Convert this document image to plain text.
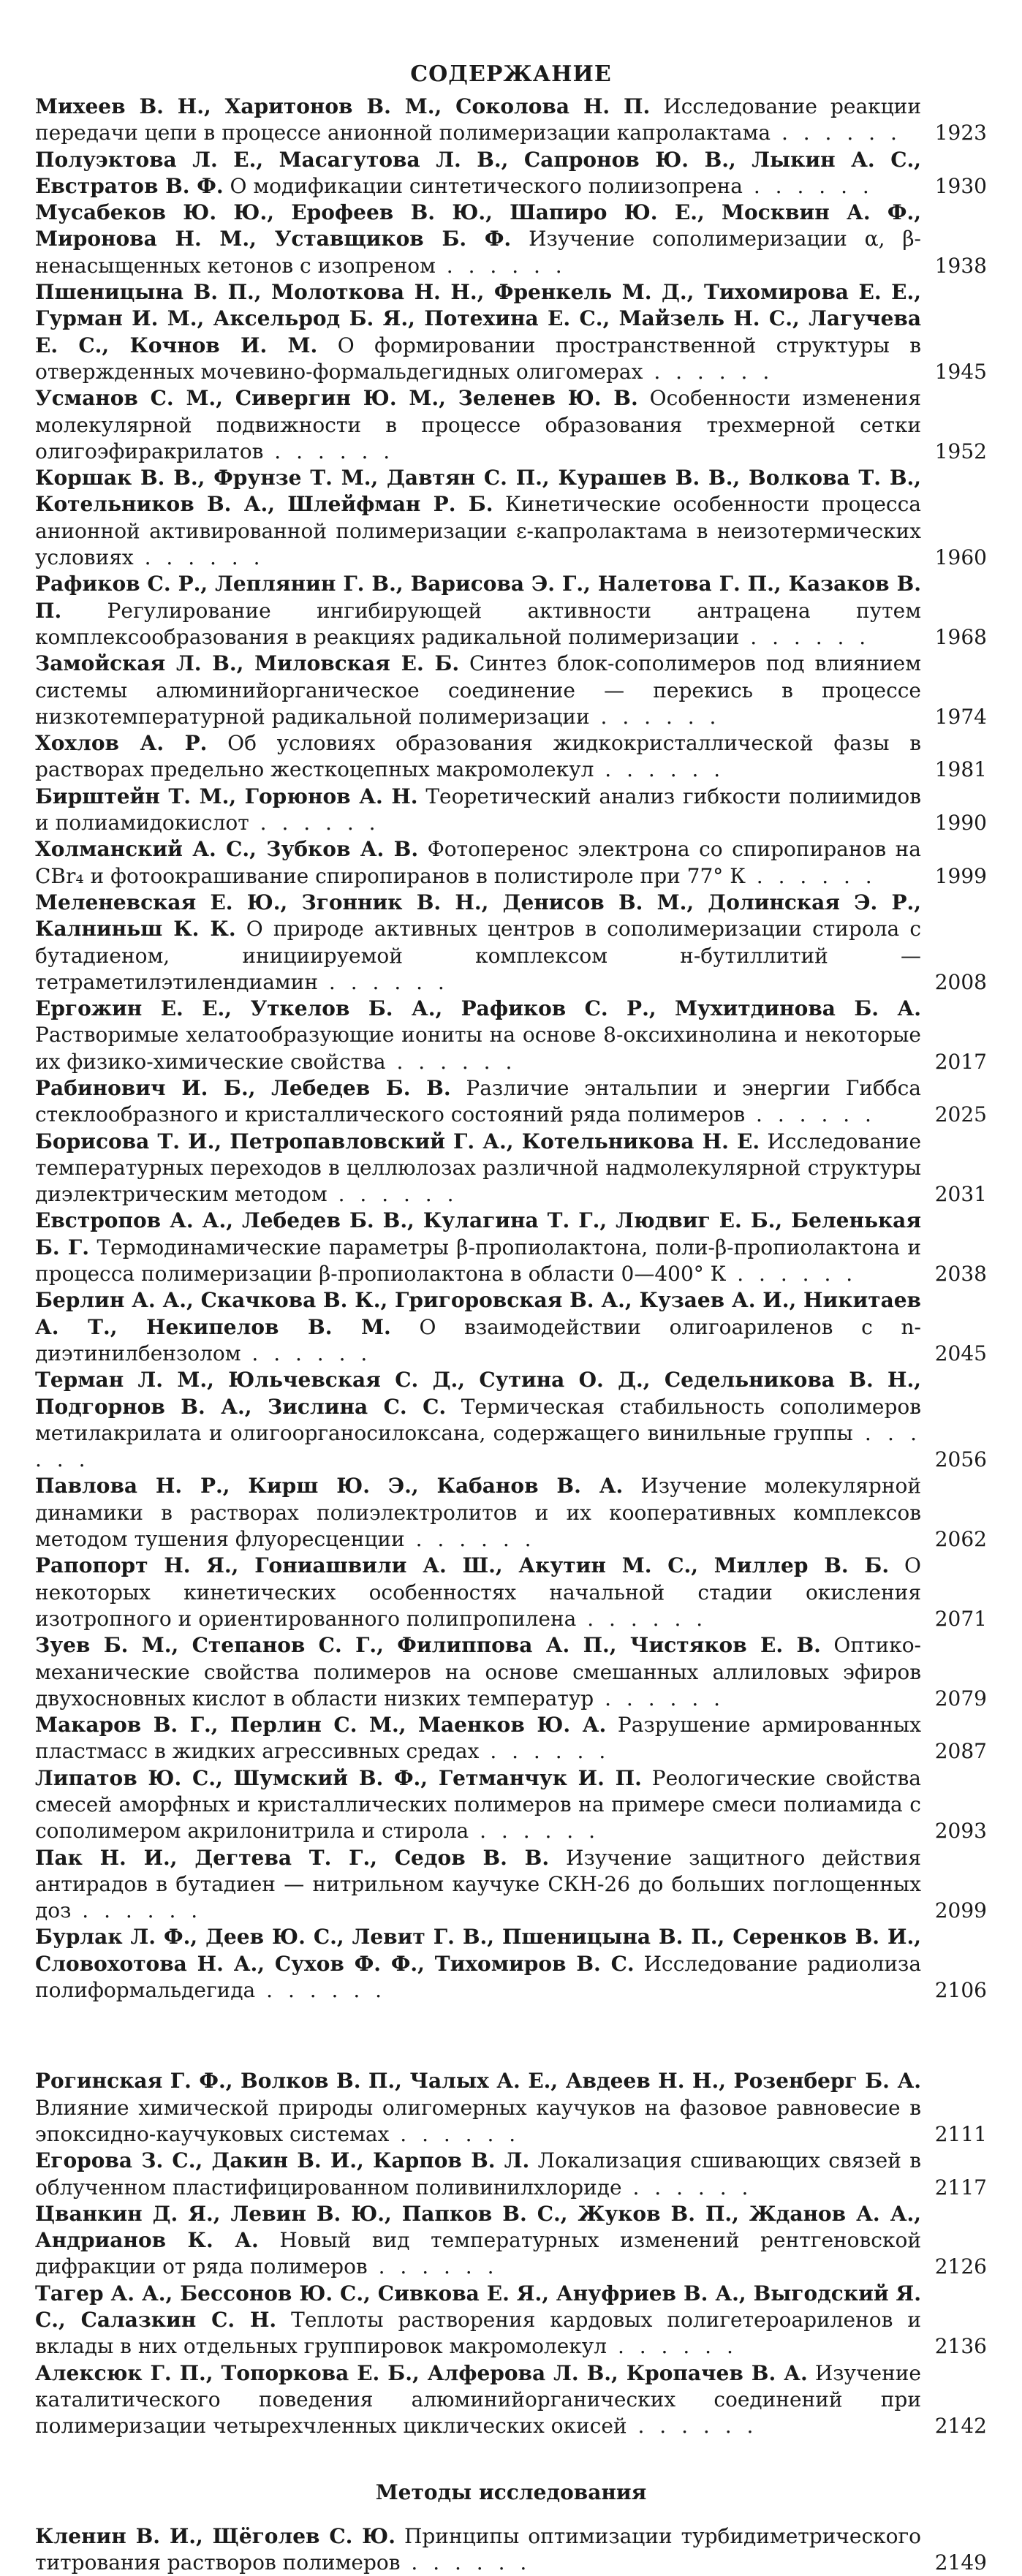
СОДЕРЖАНИЕ

Михеев В. Н., Харитонов В. М., Соколова Н. П. Исследование реакции передачи цепи в процессе анионной полимеризации капролактама . . . . . .	1923

Полуэктова Л. Е., Масагутова Л. В., Сапронов Ю. В., Лыкин А. С., Евстратов В. Ф. О модификации синтетического полиизопрена . . . . . .	1930

Мусабеков Ю. Ю., Ерофеев В. Ю., Шапиро Ю. Е., Москвин А. Ф., Миронова Н. М., Уставщиков Б. Ф. Изучение сополимеризации α, β-ненасыщенных кетонов с изопреном . . . . . .	1938

Пшеницына В. П., Молоткова Н. Н., Френкель М. Д., Тихомирова Е. Е., Гурман И. М., Аксельрод Б. Я., Потехина Е. С., Майзель Н. С., Лагучева Е. С., Кочнов И. М. О формировании пространственной структуры в отвержденных мочевино-формальдегидных олигомерах . . . . . .	1945

Усманов С. М., Сивергин Ю. М., Зеленев Ю. В. Особенности изменения молекулярной подвижности в процессе образования трехмерной сетки олигоэфиракрилатов . . . . . .	1952

Коршак В. В., Фрунзе Т. М., Давтян С. П., Курашев В. В., Волкова Т. В., Котельников В. А., Шлейфман Р. Б. Кинетические особенности процесса анионной активированной полимеризации ε-капролактама в неизотермических условиях . . . . . .	1960

Рафиков С. Р., Леплянин Г. В., Варисова Э. Г., Налетова Г. П., Казаков В. П. Регулирование ингибирующей активности антрацена путем комплексообразования в реакциях радикальной полимеризации . . . . . .	1968

Замойская Л. В., Миловская Е. Б. Синтез блок-сополимеров под влиянием системы алюминийорганическое соединение — перекись в процессе низкотемпературной радикальной полимеризации . . . . . .	1974

Хохлов А. Р. Об условиях образования жидкокристаллической фазы в растворах предельно жесткоцепных макромолекул . . . . . .	1981

Бирштейн Т. М., Горюнов А. Н. Теоретический анализ гибкости полиимидов и полиамидокислот . . . . . .	1990

Холманский А. С., Зубков А. В. Фотоперенос электрона со спиропиранов на CBr₄ и фотоокрашивание спиропиранов в полистироле при 77° К . . . . . .	1999

Меленевская Е. Ю., Згонник В. Н., Денисов В. М., Долинская Э. Р., Калниньш К. К. О природе активных центров в сополимеризации стирола с бутадиеном, инициируемой комплексом н-бутиллитий — тетраметилэтилендиамин . . . . . .	2008

Ергожин Е. Е., Уткелов Б. А., Рафиков С. Р., Мухитдинова Б. А. Растворимые хелатообразующие иониты на основе 8-оксихинолина и некоторые их физико-химические свойства . . . . . .	2017

Рабинович И. Б., Лебедев Б. В. Различие энтальпии и энергии Гиббса стеклообразного и кристаллического состояний ряда полимеров . . . . . .	2025

Борисова Т. И., Петропавловский Г. А., Котельникова Н. Е. Исследование температурных переходов в целлюлозах различной надмолекулярной структуры диэлектрическим методом . . . . . .	2031

Евстропов А. А., Лебедев Б. В., Кулагина Т. Г., Людвиг Е. Б., Беленькая Б. Г. Термодинамические параметры β-пропиолактона, поли-β-пропиолактона и процесса полимеризации β-пропиолактона в области 0—400° К . . . . . .	2038

Берлин А. А., Скачкова В. К., Григоровская В. А., Кузаев А. И., Никитаев А. Т., Некипелов В. М. О взаимодействии олигоариленов с n-диэтинилбензолом . . . . . .	2045

Терман Л. М., Юльчевская С. Д., Сутина О. Д., Седельникова В. Н., Подгорнов В. А., Зислина С. С. Термическая стабильность сополимеров метилакрилата и олигоорганосилоксана, содержащего винильные группы . . . . . .	2056

Павлова Н. Р., Кирш Ю. Э., Кабанов В. А. Изучение молекулярной динамики в растворах полиэлектролитов и их кооперативных комплексов методом тушения флуоресценции . . . . . .	2062

Рапопорт Н. Я., Гониашвили А. Ш., Акутин М. С., Миллер В. Б. О некоторых кинетических особенностях начальной стадии окисления изотропного и ориентированного полипропилена . . . . . .	2071

Зуев Б. М., Степанов С. Г., Филиппова А. П., Чистяков Е. В. Оптико-механические свойства полимеров на основе смешанных аллиловых эфиров двухосновных кислот в области низких температур . . . . . .	2079

Макаров В. Г., Перлин С. М., Маенков Ю. А. Разрушение армированных пластмасс в жидких агрессивных средах . . . . . .	2087

Липатов Ю. С., Шумский В. Ф., Гетманчук И. П. Реологические свойства смесей аморфных и кристаллических полимеров на примере смеси полиамида с сополимером акрилонитрила и стирола . . . . . .	2093

Пак Н. И., Дегтева Т. Г., Седов В. В. Изучение защитного действия антирадов в бутадиен — нитрильном каучуке СКН-26 до больших поглощенных доз . . . . . .	2099

Бурлак Л. Ф., Деев Ю. С., Левит Г. В., Пшеницына В. П., Серенков В. И., Словохотова Н. А., Сухов Ф. Ф., Тихомиров В. С. Исследование радиолиза полиформальдегида . . . . . .	2106

Рогинская Г. Ф., Волков В. П., Чалых А. Е., Авдеев Н. Н., Розенберг Б. А. Влияние химической природы олигомерных каучуков на фазовое равновесие в эпоксидно-каучуковых системах . . . . . .	2111

Егорова З. С., Дакин В. И., Карпов В. Л. Локализация сшивающих связей в облученном пластифицированном поливинилхлориде . . . . . .	2117

Цванкин Д. Я., Левин В. Ю., Папков В. С., Жуков В. П., Жданов А. А., Андрианов К. А. Новый вид температурных изменений рентгеновской дифракции от ряда полимеров . . . . . .	2126

Тагер А. А., Бессонов Ю. С., Сивкова Е. Я., Ануфриев В. А., Выгодский Я. С., Салазкин С. Н. Теплоты растворения кардовых полигетероариленов и вклады в них отдельных группировок макромолекул . . . . . .	2136

Алексюк Г. П., Топоркова Е. Б., Алферова Л. В., Кропачев В. А. Изучение каталитического поведения алюминийорганических соединений при полимеризации четырехчленных циклических окисей . . . . . .	2142

Методы исследования

Кленин В. И., Щёголев С. Ю. Принципы оптимизации турбидиметрического титрования растворов полимеров . . . . . .	2149
